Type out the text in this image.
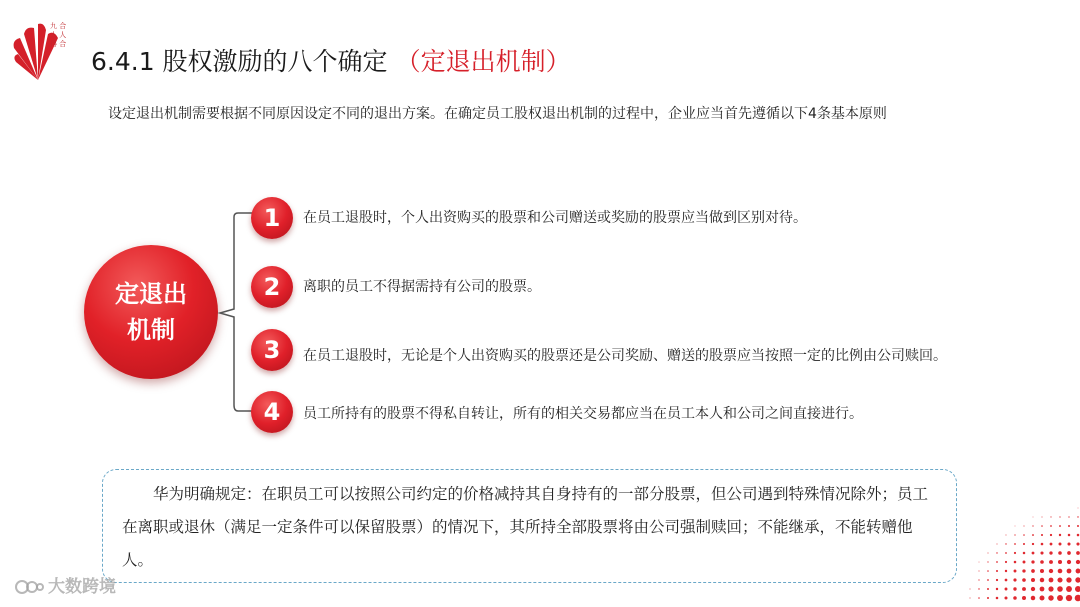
九 合 人 人 得 合
6.4.1 股权激励的八个确定 （定退出机制）
设定退出机制需要根据不同原因设定不同的退出方案。在确定员工股权退出机制的过程中，企业应当首先遵循以下4条基本原则
定退出
机制
1	在员工退股时，个人出资购买的股票和公司赠送或奖励的股票应当做到区别对待。
2	离职的员工不得据需持有公司的股票。
3	在员工退股时，无论是个人出资购买的股票还是公司奖励、赠送的股票应当按照一定的比例由公司赎回。
4	员工所持有的股票不得私自转让，所有的相关交易都应当在员工本人和公司之间直接进行。
华为明确规定：在职员工可以按照公司约定的价格减持其自身持有的一部分股票，但公司遇到特殊情况除外；员工在离职或退休（满足一定条件可以保留股票）的情况下，其所持全部股票将由公司强制赎回；不能继承，不能转赠他人。
大数跨境
